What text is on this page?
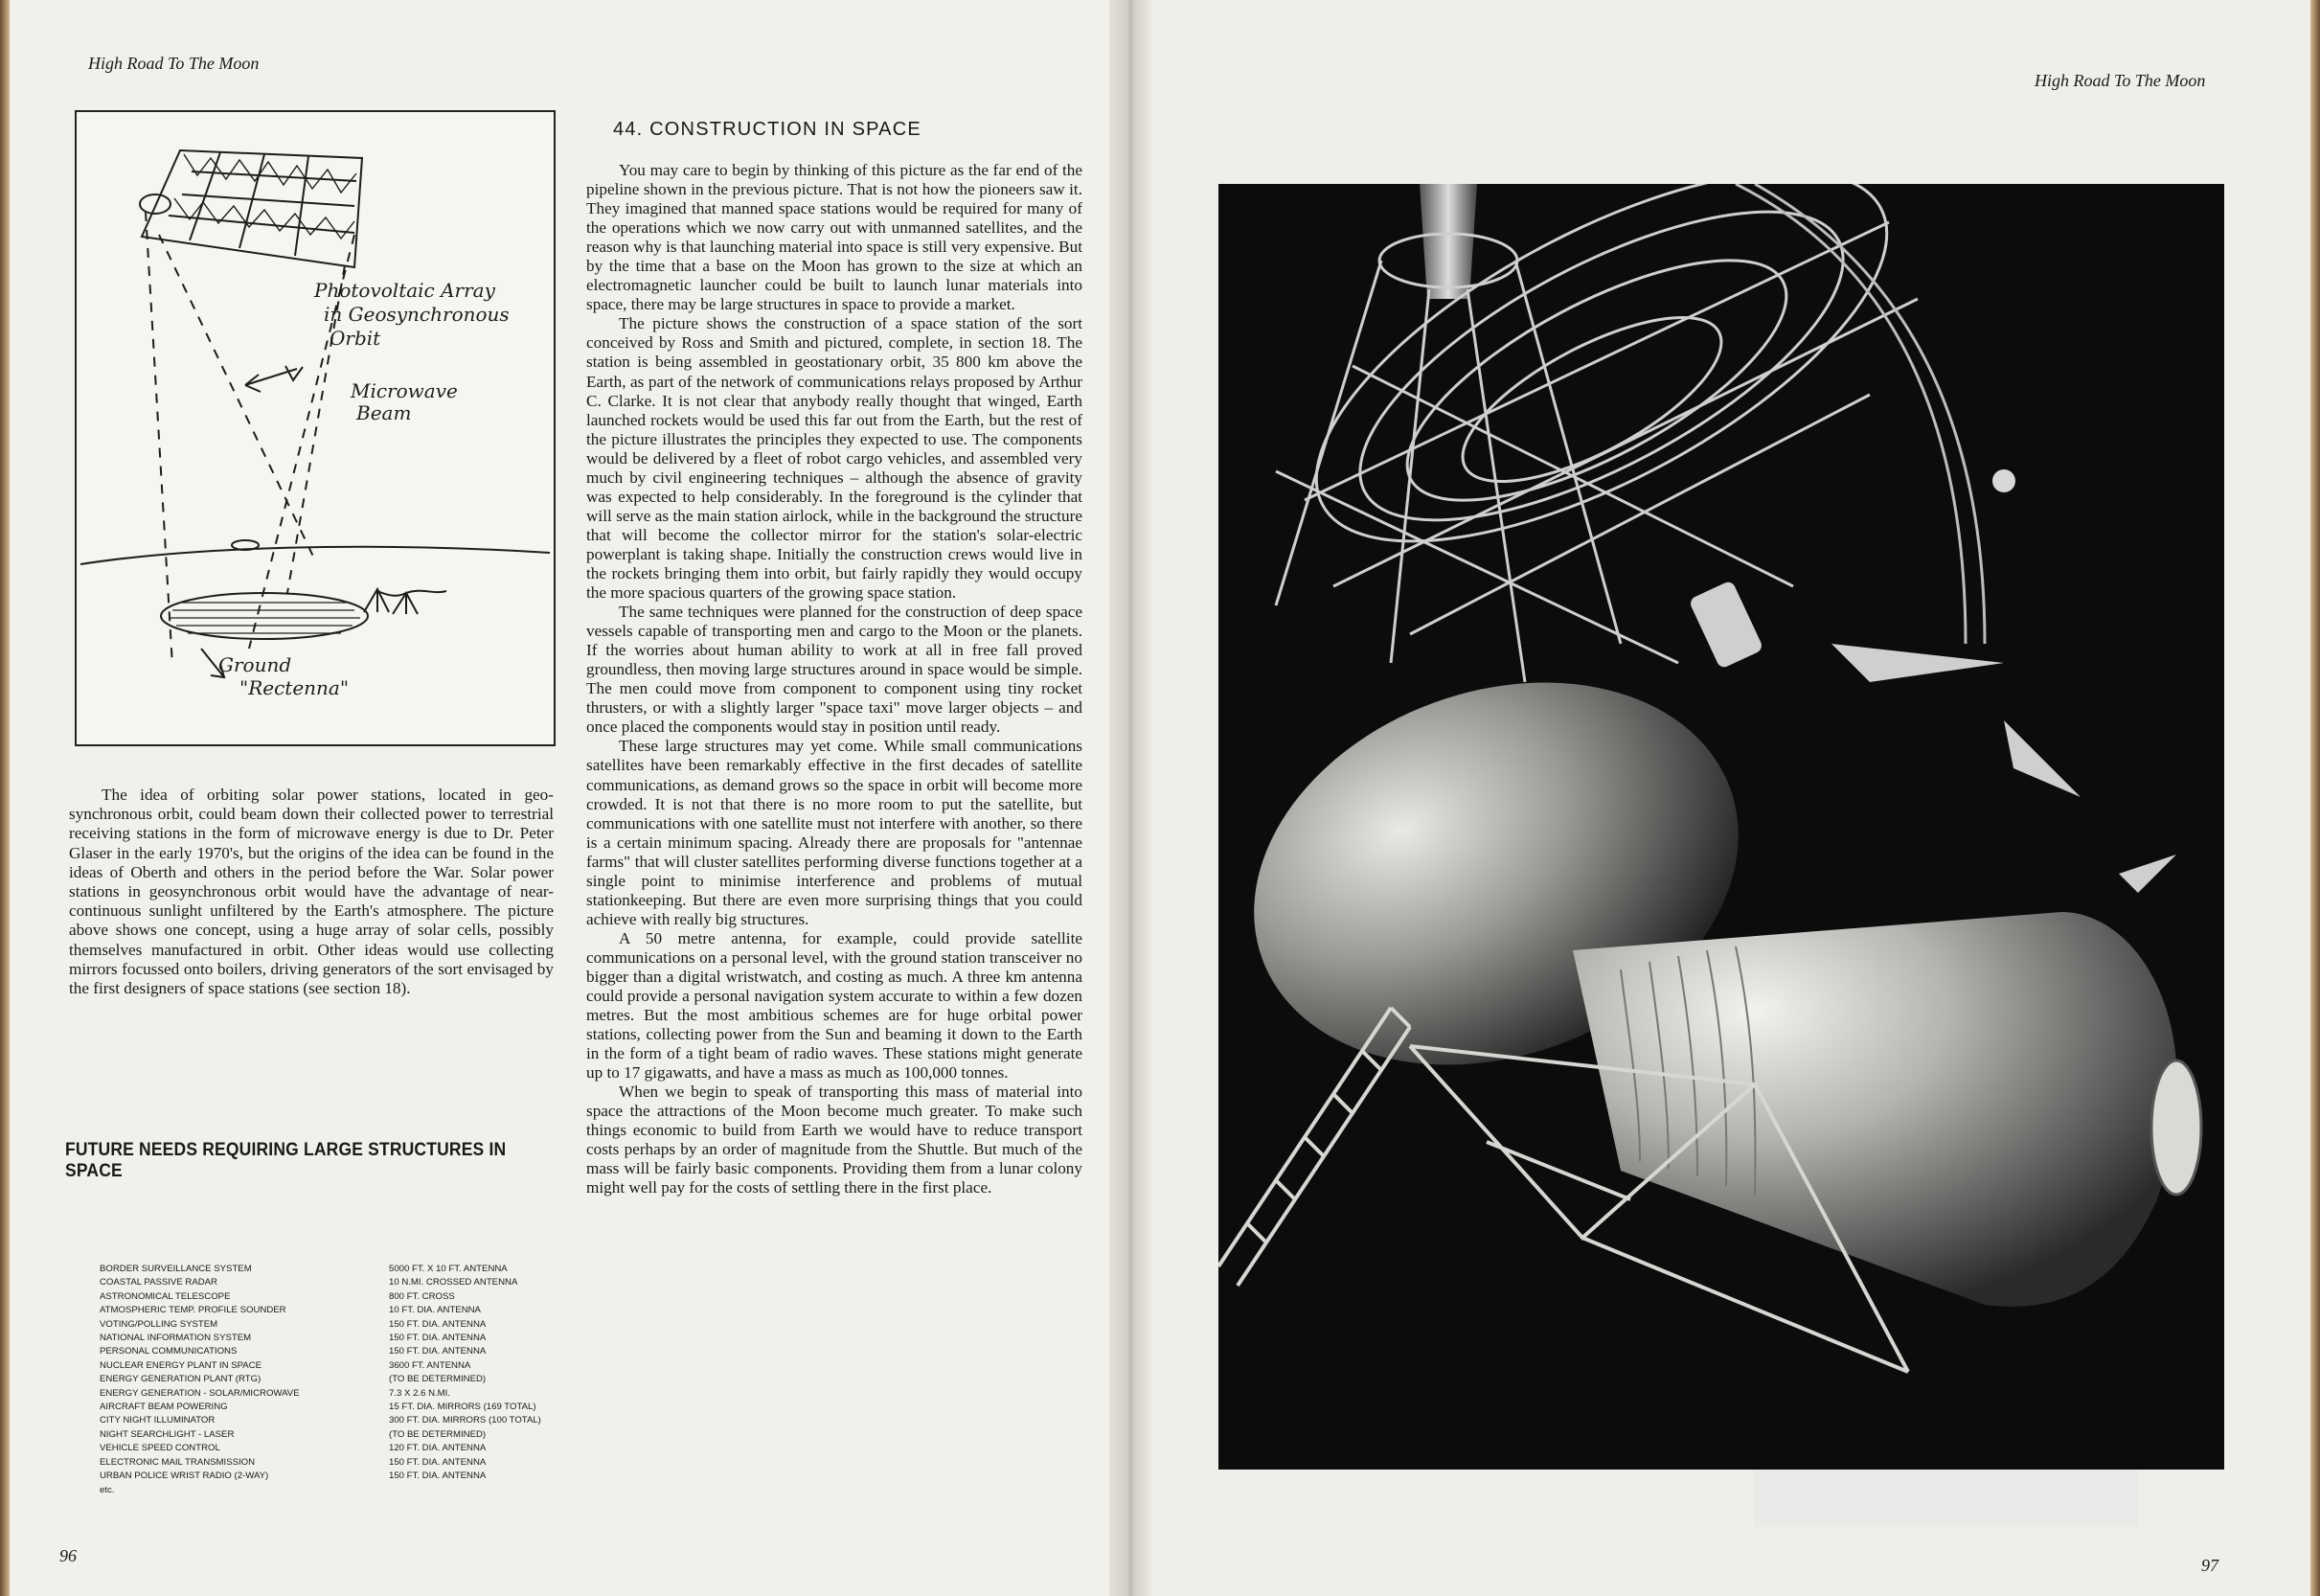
High Road To The Moon
Photovoltaic Array
in Geosynchronous
Orbit
Microwave
Beam
Ground
"Rectenna"
The idea of orbiting solar power stations, located in geo-synchronous orbit, could beam down their collected power to terrestrial receiving stations in the form of microwave energy is due to Dr. Peter Glaser in the early 1970's, but the origins of the idea can be found in the ideas of Oberth and others in the period before the War. Solar power stations in geosynchronous orbit would have the advantage of near-continuous sunlight unfiltered by the Earth's atmosphere. The picture above shows one concept, using a huge array of solar cells, possibly themselves manufactured in orbit. Other ideas would use collecting mirrors focussed onto boilers, driving generators of the sort envisaged by the first designers of space stations (see section 18).
FUTURE NEEDS REQUIRING LARGE STRUCTURES IN SPACE
BORDER SURVEILLANCE SYSTEM
COASTAL PASSIVE RADAR
ASTRONOMICAL TELESCOPE
ATMOSPHERIC TEMP. PROFILE SOUNDER
VOTING/POLLING SYSTEM
NATIONAL INFORMATION SYSTEM
PERSONAL COMMUNICATIONS
NUCLEAR ENERGY PLANT IN SPACE
ENERGY GENERATION PLANT (RTG)
ENERGY GENERATION - SOLAR/MICROWAVE
AIRCRAFT BEAM POWERING
CITY NIGHT ILLUMINATOR
NIGHT SEARCHLIGHT - LASER
VEHICLE SPEED CONTROL
ELECTRONIC MAIL TRANSMISSION
URBAN POLICE WRIST RADIO (2-WAY)
etc.
5000 FT. X 10 FT. ANTENNA
10 N.MI. CROSSED ANTENNA
800 FT. CROSS
10 FT. DIA. ANTENNA
150 FT. DIA. ANTENNA
150 FT. DIA. ANTENNA
150 FT. DIA. ANTENNA
3600 FT. ANTENNA
(TO BE DETERMINED)
7.3 X 2.6 N.MI.
15 FT. DIA. MIRRORS (169 TOTAL)
300 FT. DIA. MIRRORS (100 TOTAL)
(TO BE DETERMINED)
120 FT. DIA. ANTENNA
150 FT. DIA. ANTENNA
150 FT. DIA. ANTENNA
44. CONSTRUCTION IN SPACE

You may care to begin by thinking of this picture as the far end of the pipeline shown in the previous picture. That is not how the pioneers saw it. They imagined that manned space stations would be required for many of the operations which we now carry out with unmanned satellites, and the reason why is that launching material into space is still very expensive. But by the time that a base on the Moon has grown to the size at which an electromagnetic launcher could be built to launch lunar materials into space, there may be large structures in space to provide a market.

The picture shows the construction of a space station of the sort conceived by Ross and Smith and pictured, complete, in section 18. The station is being assembled in geostationary orbit, 35 800 km above the Earth, as part of the network of communications relays proposed by Arthur C. Clarke. It is not clear that anybody really thought that winged, Earth launched rockets would be used this far out from the Earth, but the rest of the picture illustrates the principles they expected to use. The components would be delivered by a fleet of robot cargo vehicles, and assembled very much by civil engineering techniques – although the absence of gravity was expected to help considerably. In the foreground is the cylinder that will serve as the main station airlock, while in the background the structure that will become the collector mirror for the station's solar-electric powerplant is taking shape. Initially the construction crews would live in the rockets bringing them into orbit, but fairly rapidly they would occupy the more spacious quarters of the growing space station.

The same techniques were planned for the construction of deep space vessels capable of transporting men and cargo to the Moon or the planets. If the worries about human ability to work at all in free fall proved groundless, then moving large structures around in space would be simple. The men could move from component to component using tiny rocket thrusters, or with a slightly larger "space taxi" move larger objects – and once placed the components would stay in position until ready.

These large structures may yet come. While small communications satellites have been remarkably effective in the first decades of satellite communications, as demand grows so the space in orbit will become more crowded. It is not that there is no more room to put the satellite, but communications with one satellite must not interfere with another, so there is a certain minimum spacing. Already there are proposals for "antennae farms" that will cluster satellites performing diverse functions together at a single point to minimise interference and problems of mutual stationkeeping. But there are even more surprising things that you could achieve with really big structures.

A 50 metre antenna, for example, could provide satellite communications on a personal level, with the ground station transceiver no bigger than a digital wristwatch, and costing as much. A three km antenna could provide a personal navigation system accurate to within a few dozen metres. But the most ambitious schemes are for huge orbital power stations, collecting power from the Sun and beaming it down to the Earth in the form of a tight beam of radio waves. These stations might generate up to 17 gigawatts, and have a mass as much as 100,000 tonnes.

When we begin to speak of transporting this mass of material into space the attractions of the Moon become much greater. To make such things economic to build from Earth we would have to reduce transport costs perhaps by an order of magnitude from the Shuttle. But much of the mass will be fairly basic components. Providing them from a lunar colony might well pay for the costs of settling there in the first place.

96
High Road To The Moon
97
